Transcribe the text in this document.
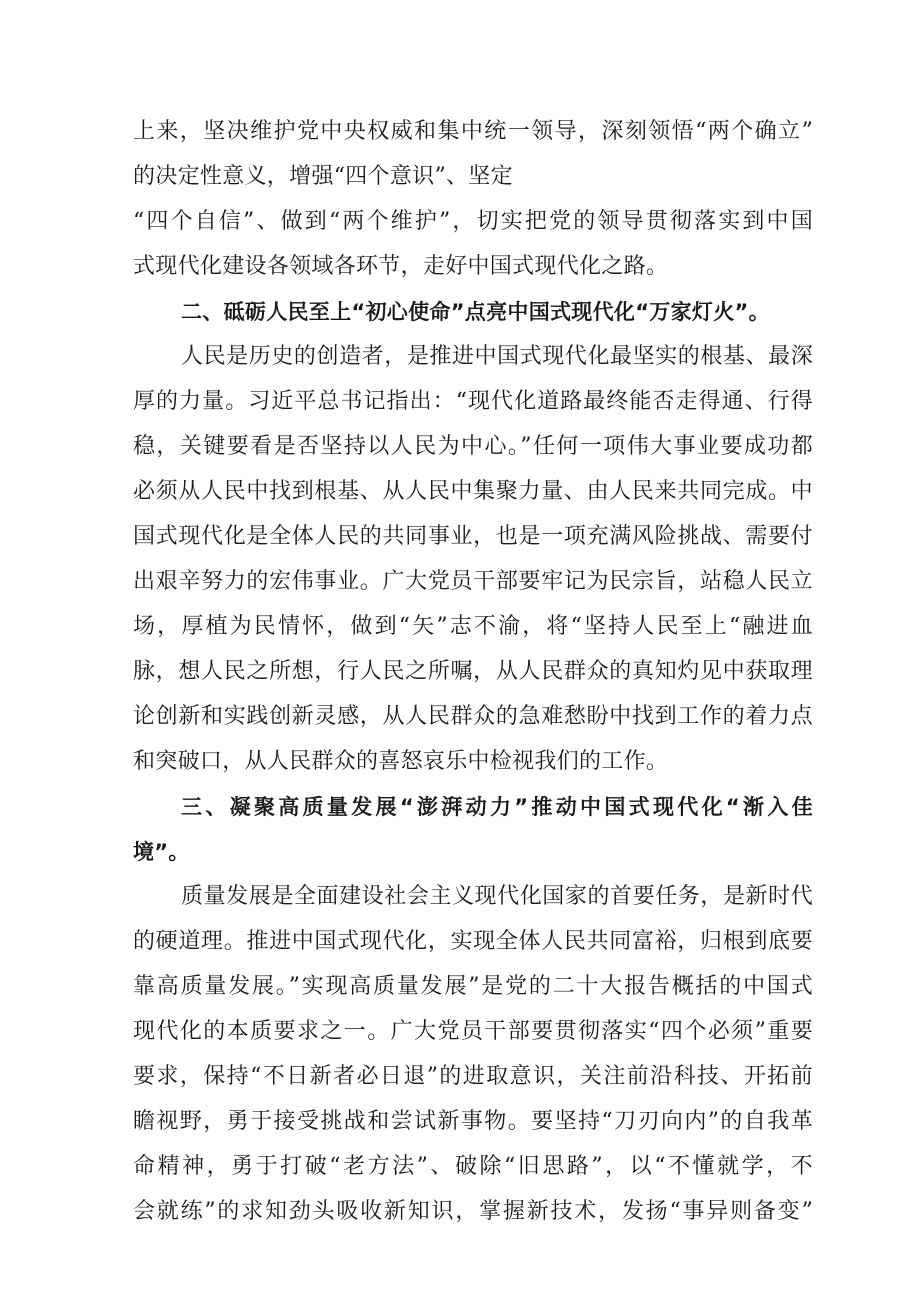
上来，坚决维护党中央权威和集中统一领导，深刻领悟“两个确立”
的决定性意义，增强“四个意识”、坚定
“四个自信”、做到“两个维护”，切实把党的领导贯彻落实到中国
式现代化建设各领域各环节，走好中国式现代化之路。
二、砥砺人民至上“初心使命”点亮中国式现代化“万家灯火”。
人民是历史的创造者，是推进中国式现代化最坚实的根基、最深
厚的力量。习近平总书记指出：“现代化道路最终能否走得通、行得
稳，关键要看是否坚持以人民为中心。”任何一项伟大事业要成功都
必须从人民中找到根基、从人民中集聚力量、由人民来共同完成。中
国式现代化是全体人民的共同事业，也是一项充满风险挑战、需要付
出艰辛努力的宏伟事业。广大党员干部要牢记为民宗旨，站稳人民立
场，厚植为民情怀，做到“矢”志不渝，将“坚持人民至上“融进血
脉，想人民之所想，行人民之所嘱，从人民群众的真知灼见中获取理
论创新和实践创新灵感，从人民群众的急难愁盼中找到工作的着力点
和突破口，从人民群众的喜怒哀乐中检视我们的工作。
三、凝聚高质量发展“澎湃动力”推动中国式现代化“渐入佳
境”。
质量发展是全面建设社会主义现代化国家的首要任务，是新时代
的硬道理。推进中国式现代化，实现全体人民共同富裕，归根到底要
靠高质量发展。”实现高质量发展”是党的二十大报告概括的中国式
现代化的本质要求之一。广大党员干部要贯彻落实“四个必须”重要
要求，保持“不日新者必日退”的进取意识，关注前沿科技、开拓前
瞻视野，勇于接受挑战和尝试新事物。要坚持“刀刃向内”的自我革
命精神，勇于打破“老方法”、破除“旧思路”，以“不懂就学，不
会就练”的求知劲头吸收新知识，掌握新技术，发扬“事异则备变”
